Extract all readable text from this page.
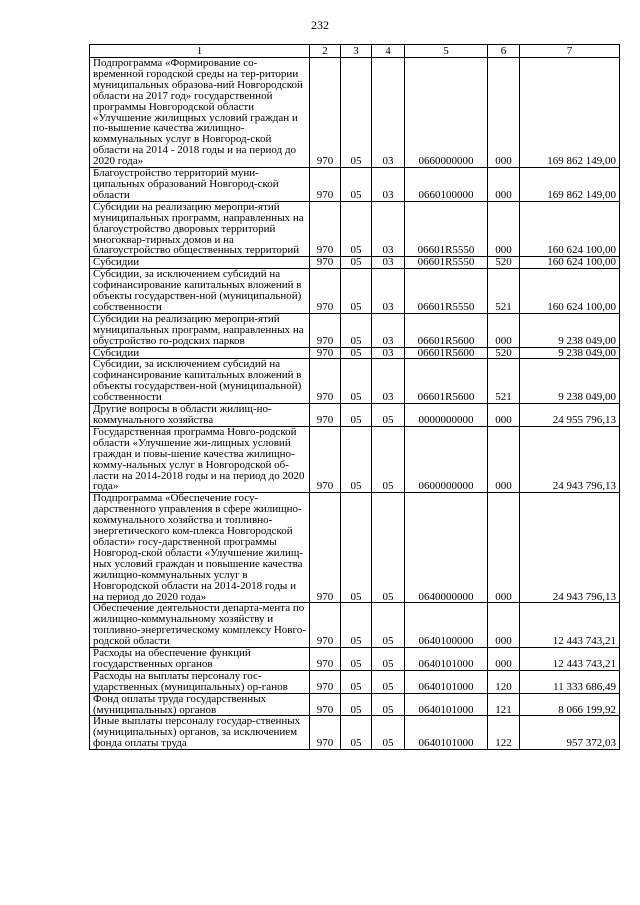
232
1	2	3	4	5	6	7
Подпрограмма «Формирование со-временной городской среды на тер-ритории муниципальных образова-ний Новгородской области на 2017 год» государственной программы Новгородской области «Улучшение жилищных условий граждан и по-вышение качества жилищно-коммунальных услуг в Новгород-ской области на 2014 - 2018 годы и на период до 2020 года»	970	05	03	0660000000	000	169 862 149,00
Благоустройство территорий муни-ципальных образований Новгород-ской области	970	05	03	0660100000	000	169 862 149,00
Субсидии на реализацию меропри-ятий муниципальных программ, направленных на благоустройство дворовых территорий многоквар-тирных домов и на благоустройство общественных территорий	970	05	03	06601R5550	000	160 624 100,00
Субсидии	970	05	03	06601R5550	520	160 624 100,00
Субсидии, за исключением субсидий на софинансирование капитальных вложений в объекты государствен-ной (муниципальной) собственности	970	05	03	06601R5550	521	160 624 100,00
Субсидии на реализацию меропри-ятий муниципальных программ, направленных на обустройство го-родских парков	970	05	03	06601R5600	000	9 238 049,00
Субсидии	970	05	03	06601R5600	520	9 238 049,00
Субсидии, за исключением субсидий на софинансирование капитальных вложений в объекты государствен-ной (муниципальной) собственности	970	05	03	06601R5600	521	9 238 049,00
Другие вопросы в области жилищ-но-коммунального хозяйства	970	05	05	0000000000	000	24 955 796,13
Государственная программа Новго-родской области «Улучшение жи-лищных условий граждан и повы-шение качества жилищно-комму-нальных услуг в Новгородской об-ласти на 2014-2018 годы и на период до 2020 года»	970	05	05	0600000000	000	24 943 796,13
Подпрограмма «Обеспечение госу-дарственного управления в сфере жилищно-коммунального хозяйства и топливно-энергетического ком-плекса Новгородской области» госу-дарственной программы Новгород-ской области «Улучшение жилищ-ных условий граждан и повышение качества жилищно-коммунальных услуг в Новгородской области на 2014-2018 годы и на период до 2020 года»	970	05	05	0640000000	000	24 943 796,13
Обеспечение деятельности департа-мента по жилищно-коммунальному хозяйству и топливно-энергетическому комплексу Новго-родской области	970	05	05	0640100000	000	12 443 743,21
Расходы на обеспечение функций государственных органов	970	05	05	0640101000	000	12 443 743,21
Расходы на выплаты персоналу гос-ударственных (муниципальных) ор-ганов	970	05	05	0640101000	120	11 333 686,49
Фонд оплаты труда государственных (муниципальных) органов	970	05	05	0640101000	121	8 066 199,92
Иные выплаты персоналу государ-ственных (муниципальных) органов, за исключением фонда оплаты труда	970	05	05	0640101000	122	957 372,03
